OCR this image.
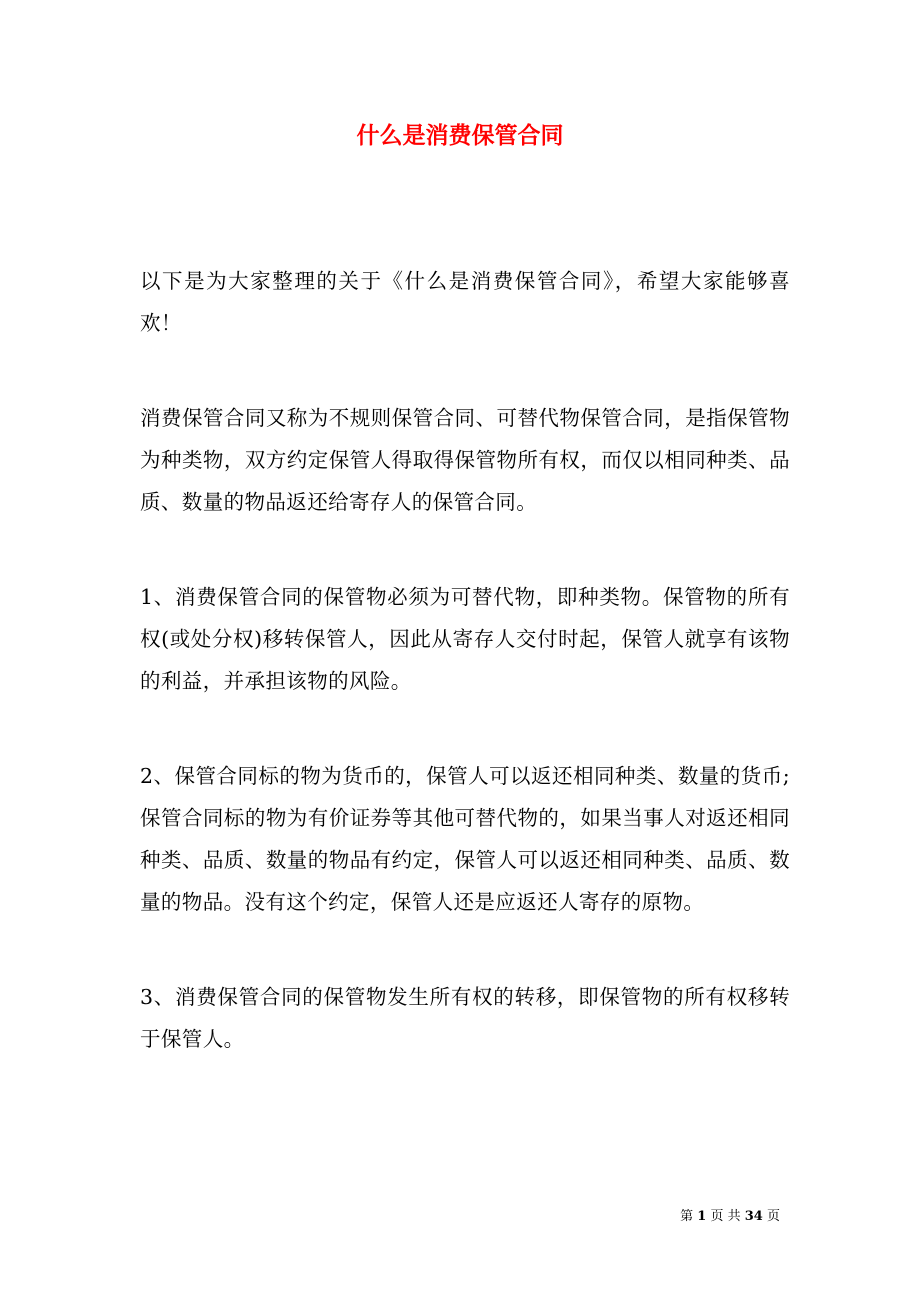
什么是消费保管合同

以下是为大家整理的关于《什么是消费保管合同》，希望大家能够喜欢！

消费保管合同又称为不规则保管合同、可替代物保管合同，是指保管物为种类物，双方约定保管人得取得保管物所有权，而仅以相同种类、品质、数量的物品返还给寄存人的保管合同。

1、消费保管合同的保管物必须为可替代物，即种类物。保管物的所有权(或处分权)移转保管人，因此从寄存人交付时起，保管人就享有该物的利益，并承担该物的风险。

2、保管合同标的物为货币的，保管人可以返还相同种类、数量的货币;保管合同标的物为有价证券等其他可替代物的，如果当事人对返还相同种类、品质、数量的物品有约定，保管人可以返还相同种类、品质、数量的物品。没有这个约定，保管人还是应返还人寄存的原物。

3、消费保管合同的保管物发生所有权的转移，即保管物的所有权移转于保管人。

第 1 页 共 34 页
